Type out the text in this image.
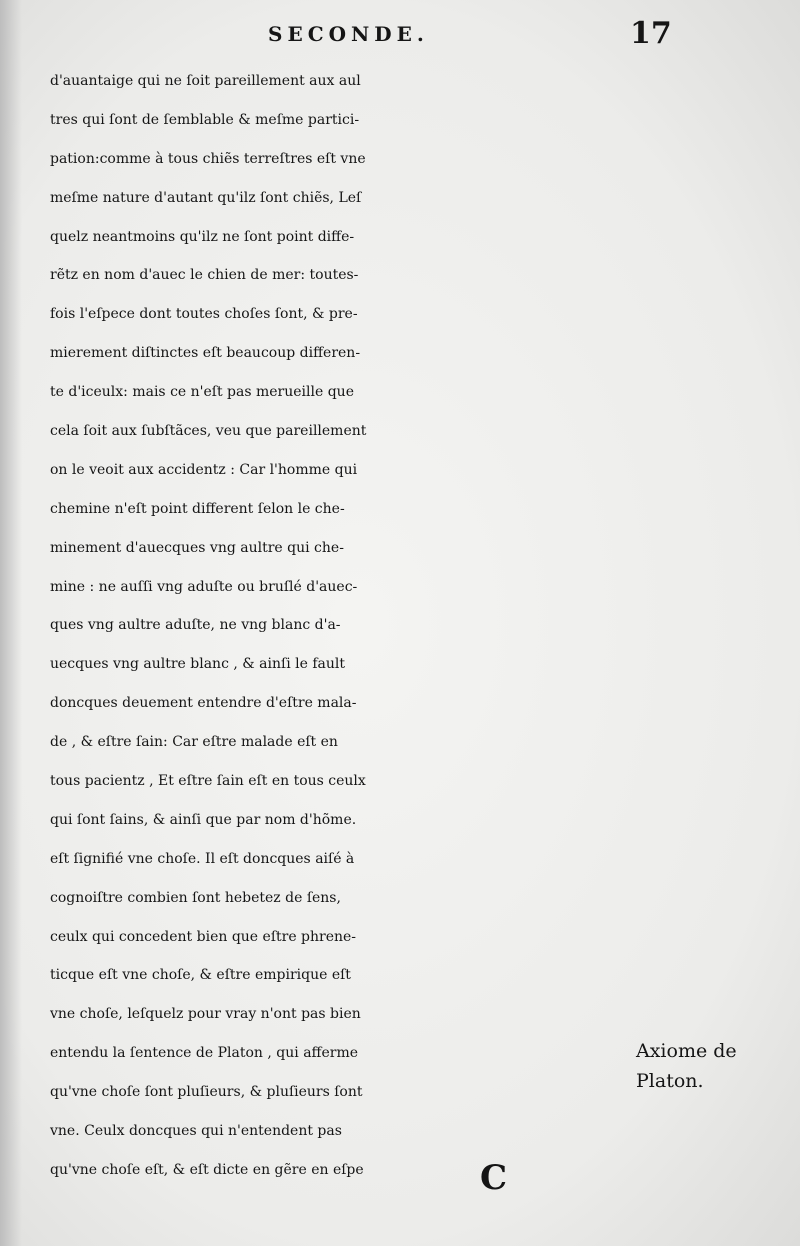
SECONDE.	17
d'auantaige qui ne ſoit pareillement aux aul
tres qui ſont de ſemblable & meſme partici-
pation:comme à tous chiẽs terreſtres eſt vne
meſme nature d'autant qu'ilz ſont chiẽs, Leſ
quelz neantmoins qu'ilz ne ſont point diffe-
rẽtz en nom d'auec le chien de mer: toutes-
fois l'eſpece dont toutes choſes ſont, & pre-
mierement diſtinctes eſt beaucoup differen-
te d'iceulx: mais ce n'eſt pas merueille que
cela ſoit aux ſubſtãces, veu que pareillement
on le veoit aux accidentz : Car l'homme qui
chemine n'eſt point different ſelon le che-
minement d'auecques vng aultre qui che-
mine : ne auſſi vng aduſte ou bruſlé d'auec-
ques vng aultre aduſte, ne vng blanc d'a-
uecques vng aultre blanc , & ainſi le fault
doncques deuement entendre d'eſtre mala-
de , & eſtre ſain: Car eſtre malade eſt en
tous pacientz , Et eſtre ſain eſt en tous ceulx
qui ſont ſains, & ainſi que par nom d'hõme.
eſt ſignifié vne choſe. Il eſt doncques aiſé à
cognoiſtre combien ſont hebetez de ſens,
ceulx qui concedent bien que eſtre phrene-
ticque eſt vne choſe, & eſtre empirique eſt
vne choſe, leſquelz pour vray n'ont pas bien
entendu la ſentence de Platon , qui afferme
qu'vne choſe ſont pluſieurs, & pluſieurs ſont
vne. Ceulx doncques qui n'entendent pas
qu'vne choſe eſt, & eſt dicte en gẽre en eſpe
Axiome de Platon.
C
